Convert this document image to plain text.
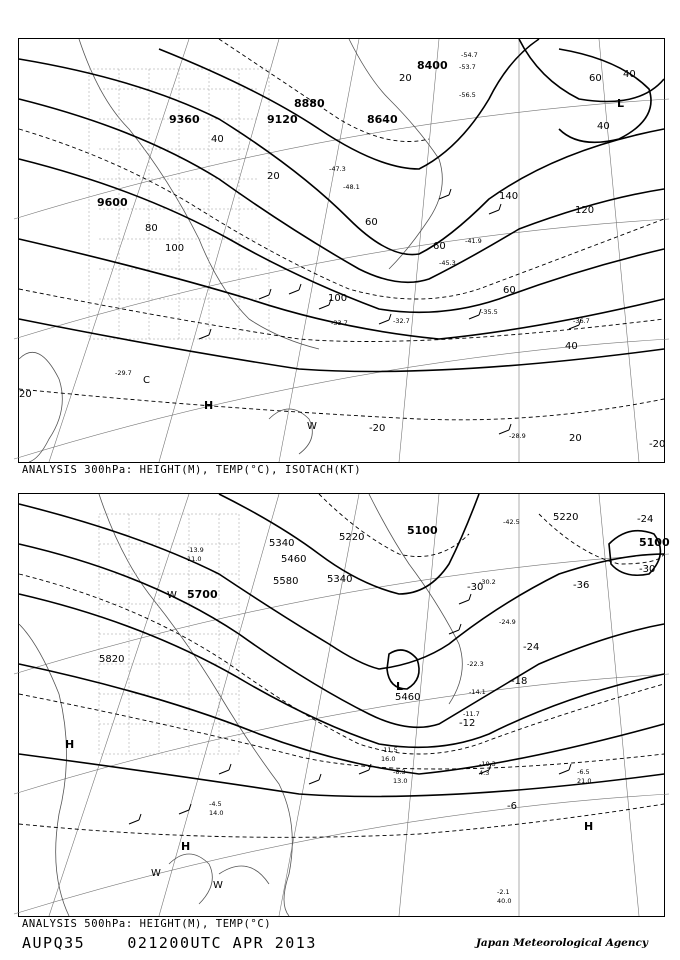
H
L
W
C
9360	9120
8880
8640
8400
9600
40
20
60
80
100
100
140
120
60
40
40
20
20
60
60
40
20
-20
-20
-29.7
-28.9
-35.5
-32.7
-33.7	-36.7
-41.9
-45.3
-48.1
-47.3
-53.7
-56.5
-54.7
ANALYSIS 300hPa: HEIGHT(M), TEMP(°C), ISOTACH(KT)
H
H
H
L
W
W
W
5100
5220
5340
5460
5580
5700
5820
5100
5220
5340
5460
-24
-30
-36
-18
-12
-6
-30
-24
-2.1
40.0
-6.5
21.0
-10.3
4.3
-8.3
13.0
-11.5
16.0
-4.5
14.0
-13.9
11.0
-22.3
-14.1
-11.7
-24.9
-30.2
-42.5
ANALYSIS 500hPa: HEIGHT(M), TEMP(°C)
AUPQ35	021200UTC APR 2013	Japan Meteorological Agency
